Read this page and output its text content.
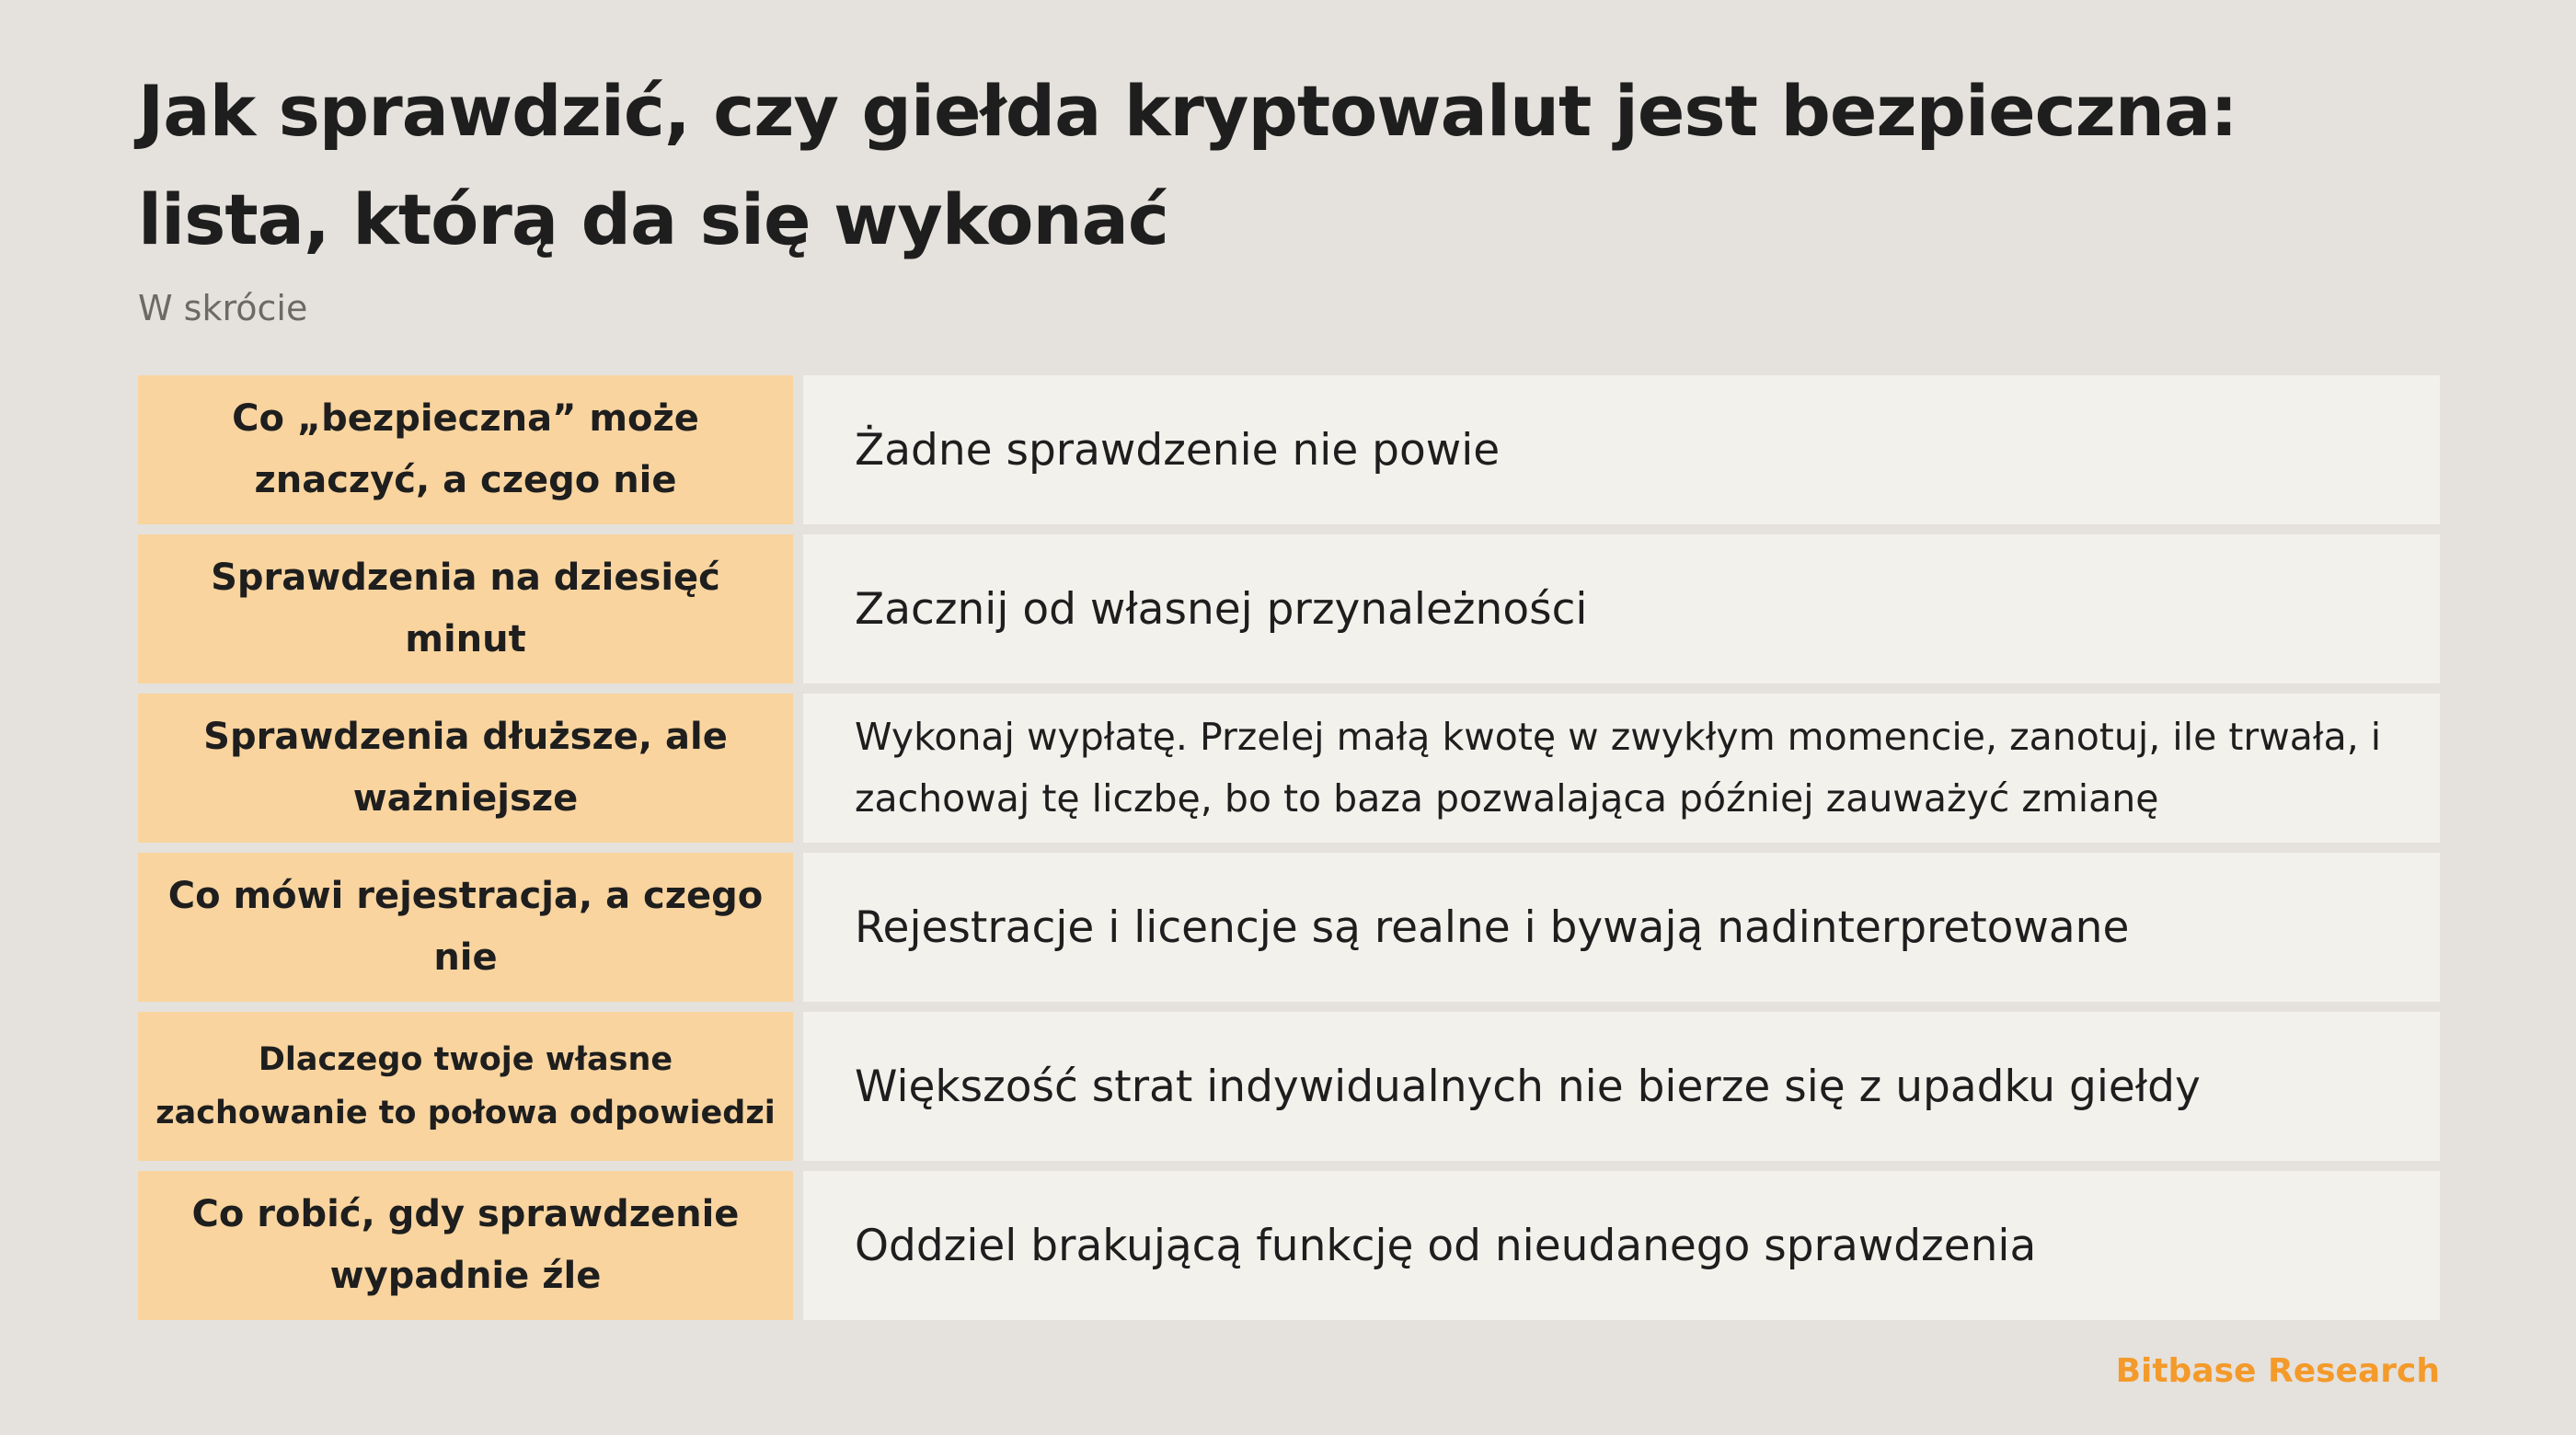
Jak sprawdzić, czy giełda kryptowalut jest bezpieczna: lista, którą da się wykonać
W skrócie
Co „bezpieczna” może znaczyć, a czego nie
Żadne sprawdzenie nie powie
Sprawdzenia na dziesięć minut
Zacznij od własnej przynależności
Sprawdzenia dłuższe, ale ważniejsze
Wykonaj wypłatę. Przelej małą kwotę w zwykłym momencie, zanotuj, ile trwała, i zachowaj tę liczbę, bo to baza pozwalająca później zauważyć zmianę
Co mówi rejestracja, a czego nie
Rejestracje i licencje są realne i bywają nadinterpretowane
Dlaczego twoje własne zachowanie to połowa odpowiedzi
Większość strat indywidualnych nie bierze się z upadku giełdy
Co robić, gdy sprawdzenie wypadnie źle
Oddziel brakującą funkcję od nieudanego sprawdzenia
Bitbase Research
